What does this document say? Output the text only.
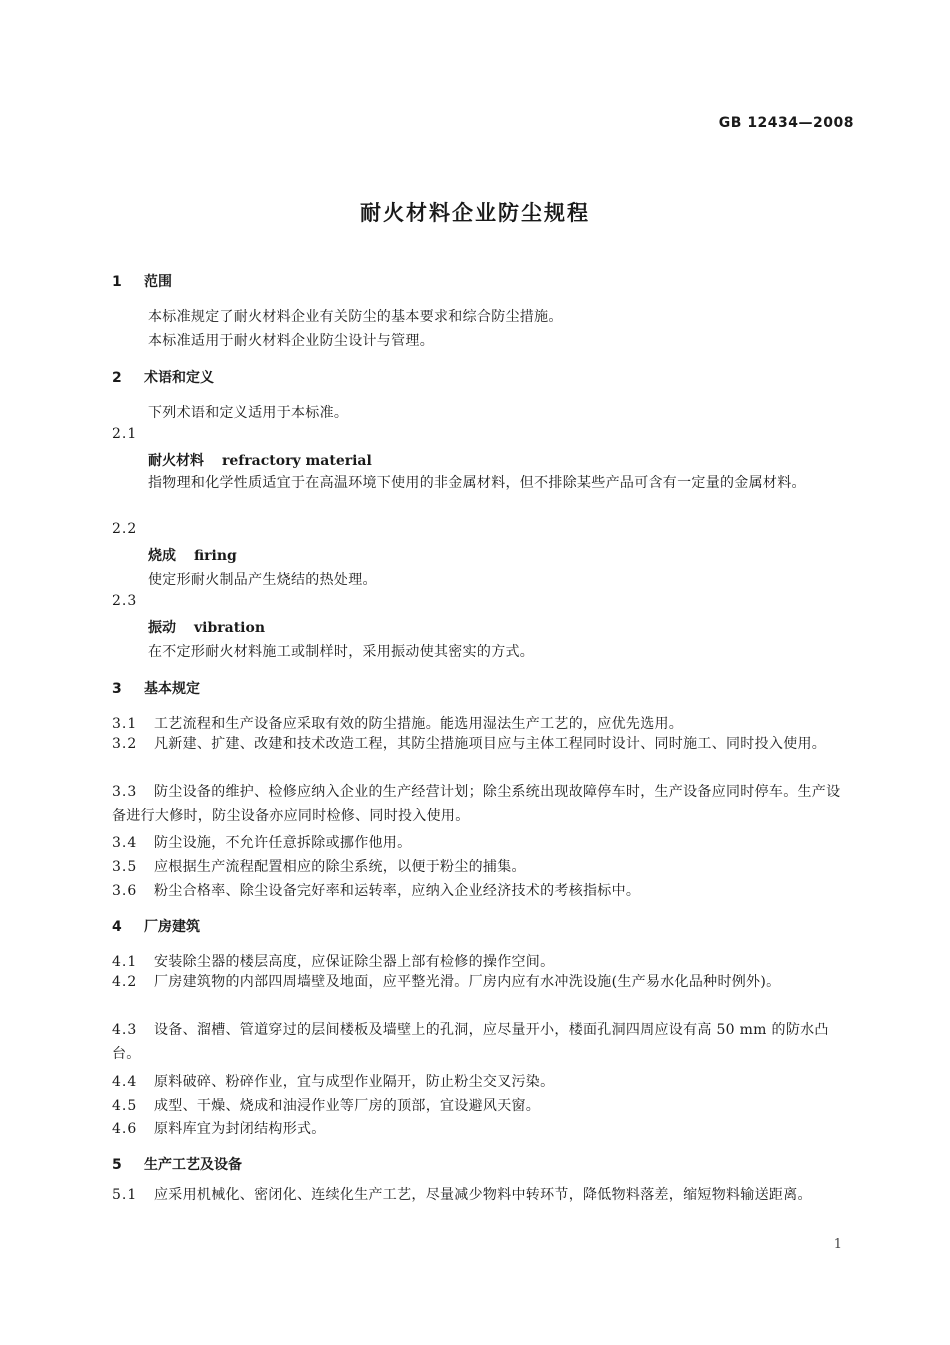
GB 12434—2008
耐火材料企业防尘规程
1 范围
本标准规定了耐火材料企业有关防尘的基本要求和综合防尘措施。
本标准适用于耐火材料企业防尘设计与管理。
2 术语和定义
下列术语和定义适用于本标准。
2.1
耐火材料 refractory material
指物理和化学性质适宜于在高温环境下使用的非金属材料，但不排除某些产品可含有一定量的金属材料。
2.2
烧成 firing
使定形耐火制品产生烧结的热处理。
2.3
振动 vibration
在不定形耐火材料施工或制样时，采用振动使其密实的方式。
3 基本规定
3.1 工艺流程和生产设备应采取有效的防尘措施。能选用湿法生产工艺的，应优先选用。
3.2 凡新建、扩建、改建和技术改造工程，其防尘措施项目应与主体工程同时设计、同时施工、同时投入使用。
3.3 防尘设备的维护、检修应纳入企业的生产经营计划；除尘系统出现故障停车时，生产设备应同时停车。生产设备进行大修时，防尘设备亦应同时检修、同时投入使用。
3.4 防尘设施，不允许任意拆除或挪作他用。
3.5 应根据生产流程配置相应的除尘系统，以便于粉尘的捕集。
3.6 粉尘合格率、除尘设备完好率和运转率，应纳入企业经济技术的考核指标中。
4 厂房建筑
4.1 安装除尘器的楼层高度，应保证除尘器上部有检修的操作空间。
4.2 厂房建筑物的内部四周墙壁及地面，应平整光滑。厂房内应有水冲洗设施(生产易水化品种时例外)。
4.3 设备、溜槽、管道穿过的层间楼板及墙壁上的孔洞，应尽量开小，楼面孔洞四周应设有高 50 mm 的防水凸台。
4.4 原料破碎、粉碎作业，宜与成型作业隔开，防止粉尘交叉污染。
4.5 成型、干燥、烧成和油浸作业等厂房的顶部，宜设避风天窗。
4.6 原料库宜为封闭结构形式。
5 生产工艺及设备
5.1 应采用机械化、密闭化、连续化生产工艺，尽量减少物料中转环节，降低物料落差，缩短物料输送距离。
1
